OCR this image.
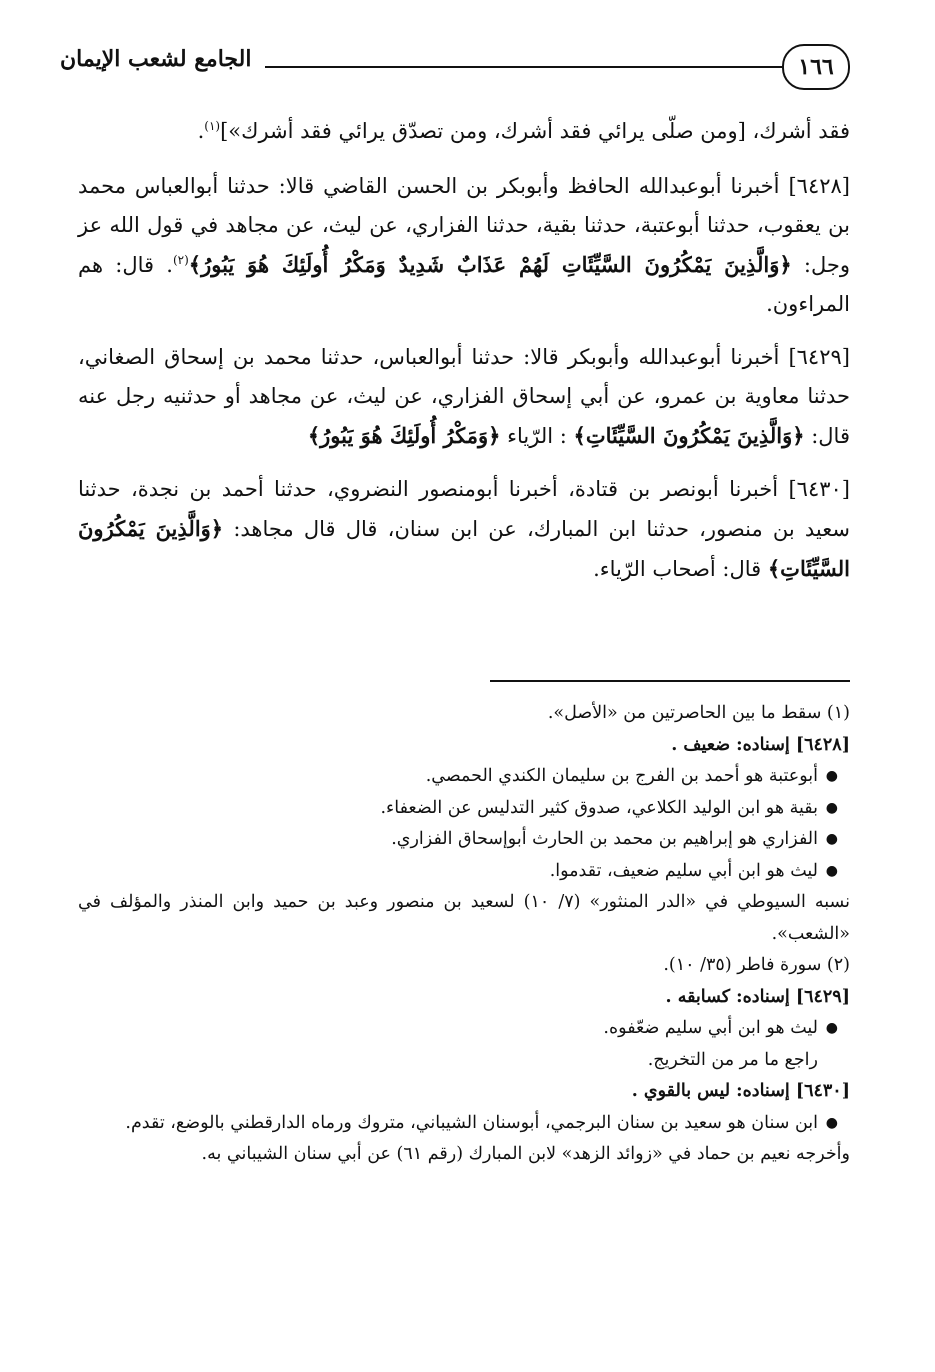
١٦٦
الجامع لشعب الإيمان

فقد أشرك، [ومن صلّى يرائي فقد أشرك، ومن تصدّق يرائي فقد أشرك»]$^{(١)}$.

[٦٤٢٨] أخبرنا أبوعبدالله الحافظ وأبوبكر بن الحسن القاضي قالا: حدثنا أبوالعباس محمد بن يعقوب، حدثنا أبوعتبة، حدثنا بقية، حدثنا الفزاري، عن ليث، عن مجاهد في قول الله عز وجل: ﴿وَالَّذِينَ يَمْكُرُونَ السَّيِّئَاتِ لَهُمْ عَذَابٌ شَدِيدٌ وَمَكْرُ أُولَئِكَ هُوَ يَبُورُ﴾$^{(٢)}$. قال: هم المراءون.

[٦٤٢٩] أخبرنا أبوعبدالله وأبوبكر قالا: حدثنا أبوالعباس، حدثنا محمد بن إسحاق الصغاني، حدثنا معاوية بن عمرو، عن أبي إسحاق الفزاري، عن ليث، عن مجاهد أو حدثنيه رجل عنه قال: ﴿وَالَّذِينَ يَمْكُرُونَ السَّيِّئَاتِ﴾ : الرّياء ﴿وَمَكْرُ أُولَئِكَ هُوَ يَبُورُ﴾

[٦٤٣٠] أخبرنا أبونصر بن قتادة، أخبرنا أبومنصور النضروي، حدثنا أحمد بن نجدة، حدثنا سعيد بن منصور، حدثنا ابن المبارك، عن ابن سنان، قال قال مجاهد: ﴿وَالَّذِينَ يَمْكُرُونَ السَّيِّئَاتِ﴾ قال: أصحاب الرّياء.

(١) سقط ما بين الحاصرتين من «الأصل».

[٦٤٢٨] إسناده: ضعيف .

●
أبوعتبة هو أحمد بن الفرج بن سليمان الكندي الحمصي.
●
بقية هو ابن الوليد الكلاعي، صدوق كثير التدليس عن الضعفاء.
●
الفزاري هو إبراهيم بن محمد بن الحارث أبوإسحاق الفزاري.
●
ليث هو ابن أبي سليم ضعيف، تقدموا.

نسبه السيوطي في «الدر المنثور» (٧/ ١٠) لسعيد بن منصور وعبد بن حميد وابن المنذر والمؤلف في «الشعب».

(٢) سورة فاطر (٣٥/ ١٠).

[٦٤٢٩] إسناده: كسابقه .

●
ليث هو ابن أبي سليم ضعّفوه.

راجع ما مر من التخريج.

[٦٤٣٠] إسناده: ليس بالقوي .

●
ابن سنان هو سعيد بن سنان البرجمي، أبوسنان الشيباني، متروك ورماه الدارقطني بالوضع، تقدم.

وأخرجه نعيم بن حماد في «زوائد الزهد» لابن المبارك (رقم ٦١) عن أبي سنان الشيباني به.
